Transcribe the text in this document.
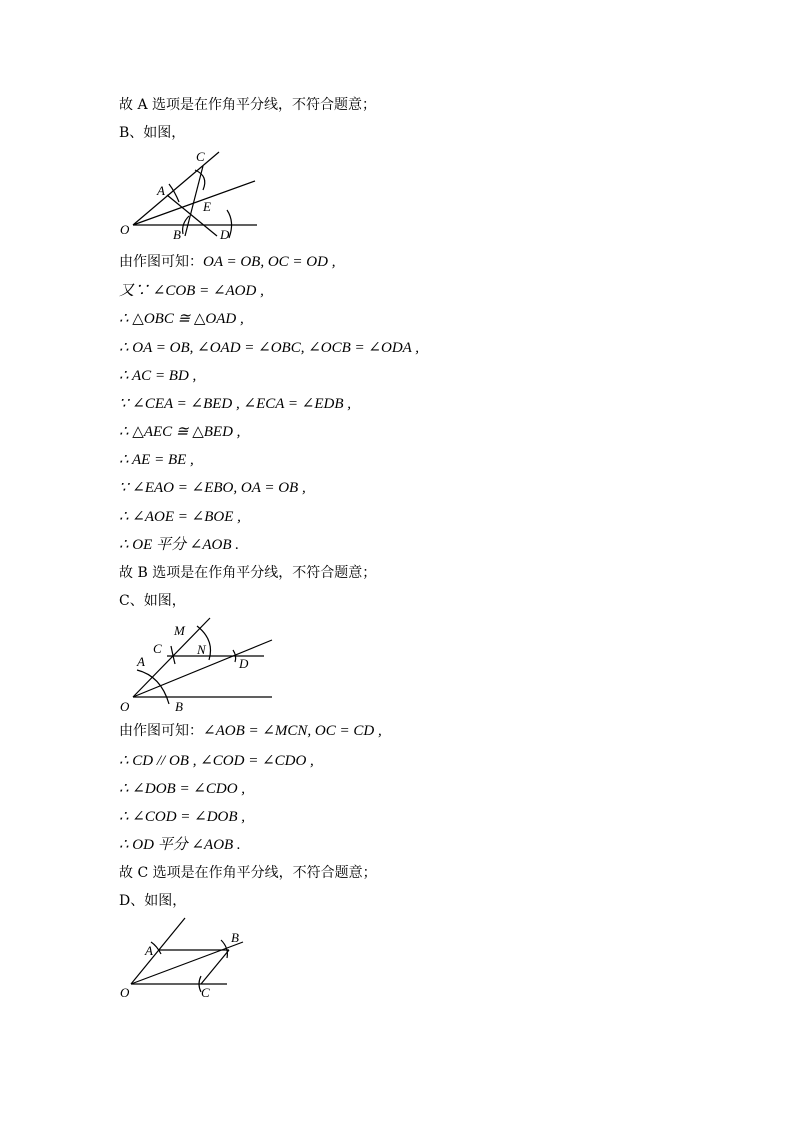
故 A 选项是在作角平分线，不符合题意；
B、如图，
C
A
E
O	B	D
由作图可知：OA = OB, OC = OD ,
又∵ ∠COB = ∠AOD ,
∴ △OBC ≅ △OAD ,
∴ OA = OB, ∠OAD = ∠OBC, ∠OCB = ∠ODA ,
∴ AC = BD ,
∵ ∠CEA = ∠BED , ∠ECA = ∠EDB ,
∴ △AEC ≅ △BED ,
∴ AE = BE ,
∵ ∠EAO = ∠EBO, OA = OB ,
∴ ∠AOE = ∠BOE ,
∴ OE 平分 ∠AOB .
故 B 选项是在作角平分线，不符合题意；
C、如图，
M
C	N
A	D
O	B
由作图可知：∠AOB = ∠MCN, OC = CD ,
∴ CD // OB , ∠COD = ∠CDO ,
∴ ∠DOB = ∠CDO ,
∴ ∠COD = ∠DOB ,
∴ OD 平分 ∠AOB .
故 C 选项是在作角平分线，不符合题意；
D、如图，
B
A
O	C
